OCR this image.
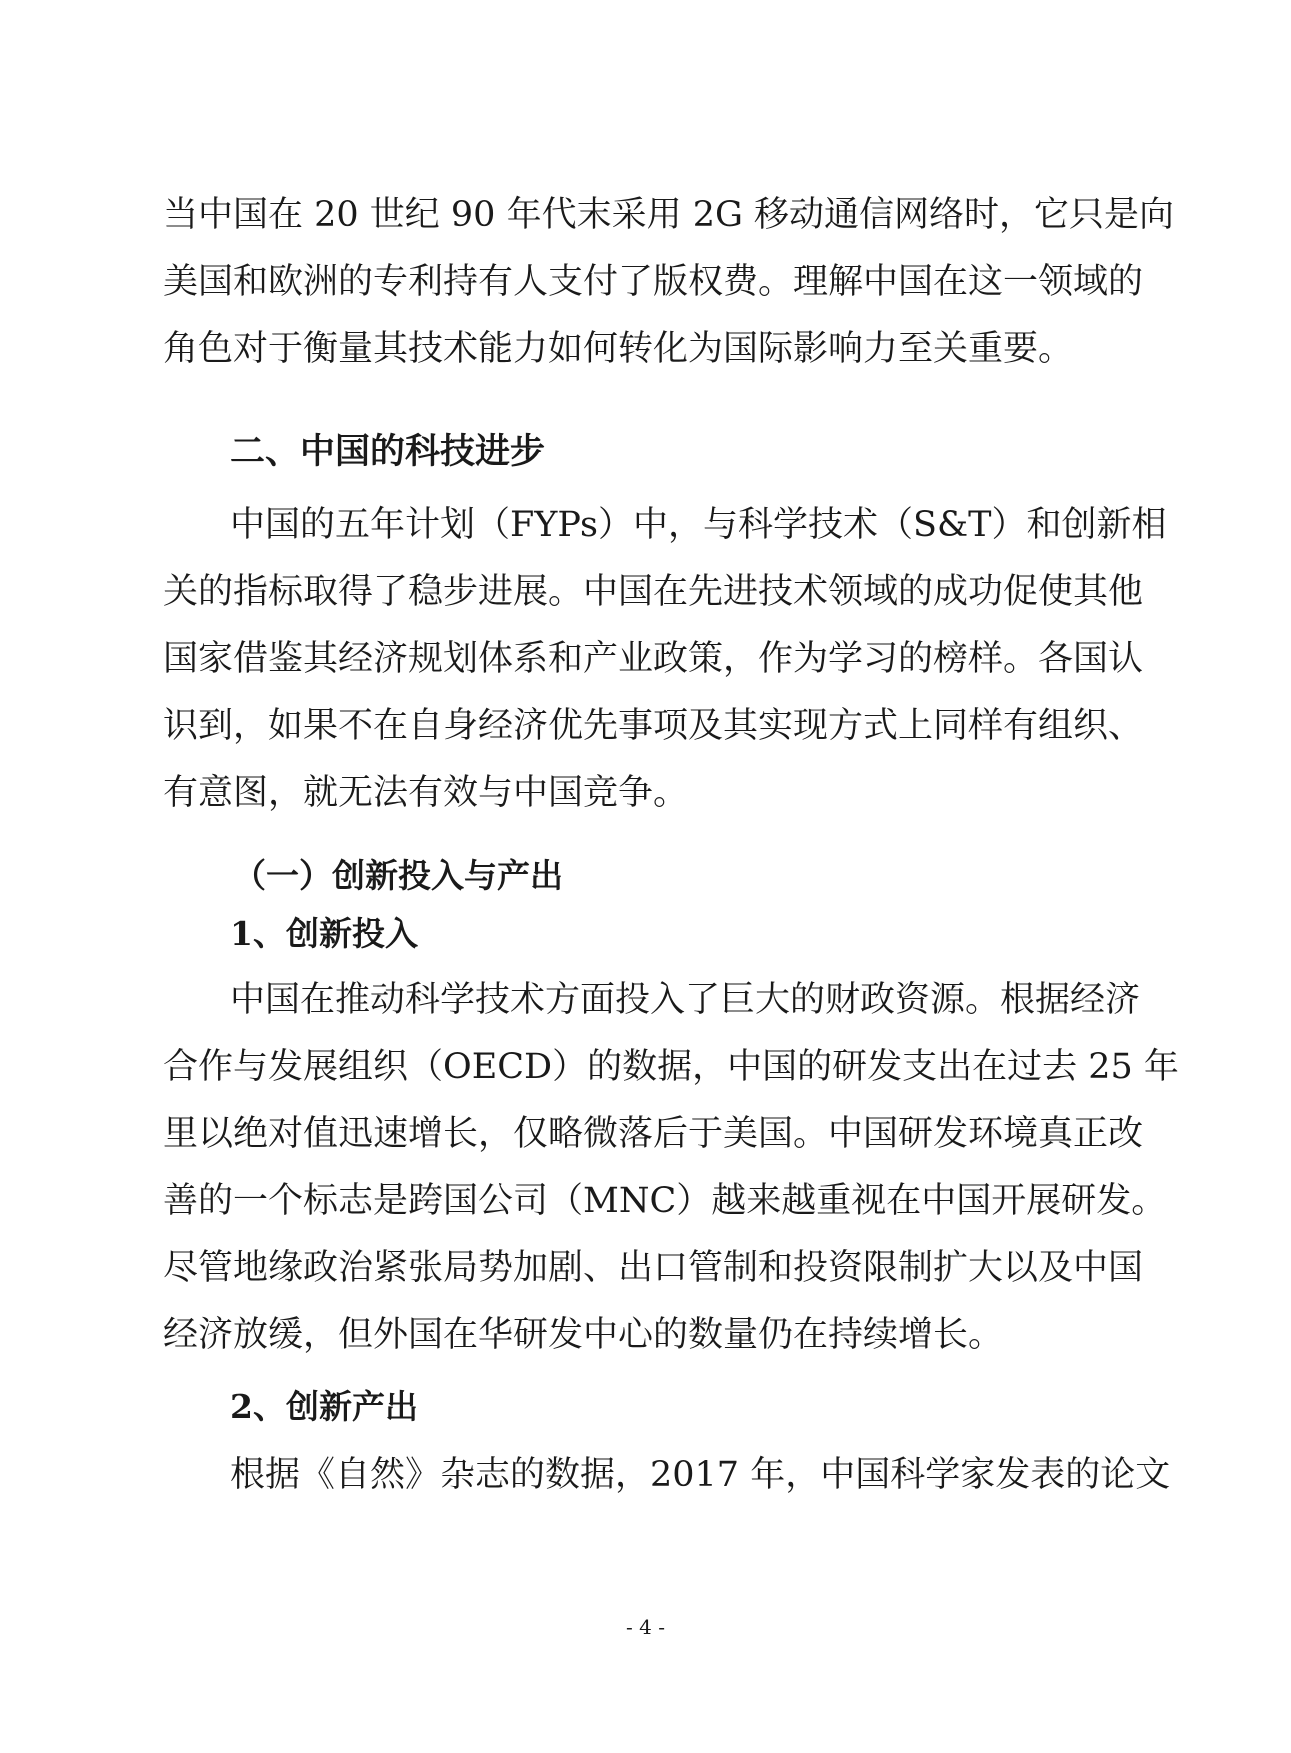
当中国在 20 世纪 90 年代末采用 2G 移动通信网络时，它只是向
美国和欧洲的专利持有人支付了版权费。理解中国在这一领域的
角色对于衡量其技术能力如何转化为国际影响力至关重要。
二、中国的科技进步
中国的五年计划（FYPs）中，与科学技术（S&T）和创新相
关的指标取得了稳步进展。中国在先进技术领域的成功促使其他
国家借鉴其经济规划体系和产业政策，作为学习的榜样。各国认
识到，如果不在自身经济优先事项及其实现方式上同样有组织、
有意图，就无法有效与中国竞争。
（一）创新投入与产出
1、创新投入
中国在推动科学技术方面投入了巨大的财政资源。根据经济
合作与发展组织（OECD）的数据，中国的研发支出在过去 25 年
里以绝对值迅速增长，仅略微落后于美国。中国研发环境真正改
善的一个标志是跨国公司（MNC）越来越重视在中国开展研发。
尽管地缘政治紧张局势加剧、出口管制和投资限制扩大以及中国
经济放缓，但外国在华研发中心的数量仍在持续增长。
2、创新产出
根据《自然》杂志的数据，2017 年，中国科学家发表的论文
- 4 -
